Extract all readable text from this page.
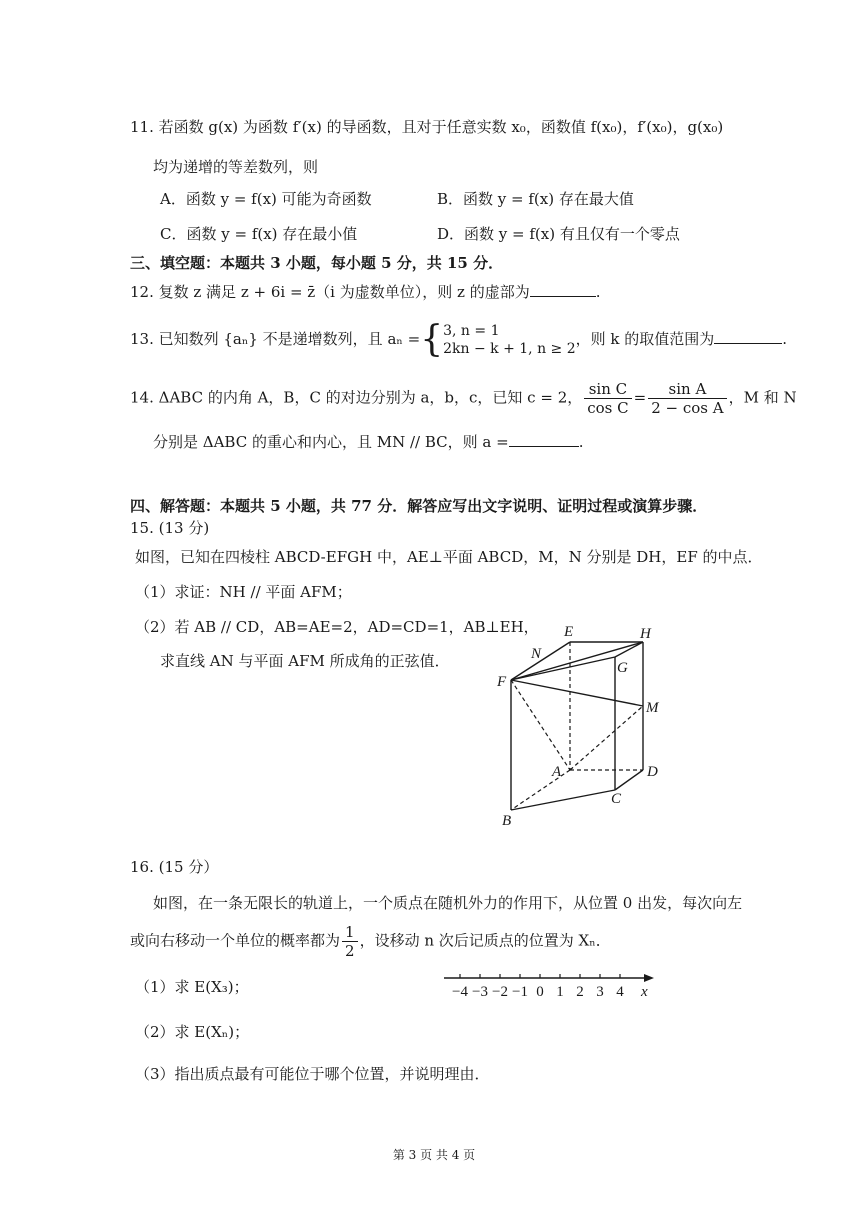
11. 若函数 g(x) 为函数 f′(x) 的导函数，且对于任意实数 x₀，函数值 f(x₀)，f′(x₀)，g(x₀)
均为递增的等差数列，则
A．函数 y = f(x) 可能为奇函数	B．函数 y = f(x) 存在最大值
C．函数 y = f(x) 存在最小值	D．函数 y = f(x) 有且仅有一个零点
三、填空题：本题共 3 小题，每小题 5 分，共 15 分．
12. 复数 z 满足 z + 6i = z̄（i 为虚数单位），则 z 的虚部为	.
13. 已知数列 {aₙ} 不是递增数列，且 aₙ ={ 3, n = 1
2kn − k + 1, n ≥ 2
，则 k 的取值范围为	.
14. ΔABC 的内角 A，B，C 的对边分别为 a，b，c，已知 c = 2， $\frac{\text{sin C}}{\text{cos C}} = \frac{\text{sin A}}{\text{2 − cos A}}$ ，M 和 N
分别是 ΔABC 的重心和内心，且 MN // BC，则 a =	.
四、解答题：本题共 5 小题，共 77 分．解答应写出文字说明、证明过程或演算步骤．
15. (13 分)
如图，已知在四棱柱 ABCD-EFGH 中，AE⊥平面 ABCD，M，N 分别是 DH，EF 的中点．
（1）求证：NH // 平面 AFM；
（2）若 AB // CD，AB=AE=2，AD=CD=1，AB⊥EH，
求直线 AN 与平面 AFM 所成角的正弦值．
E	H
N
G
F
M
A	D
C
B
16. (15 分）
如图，在一条无限长的轨道上，一个质点在随机外力的作用下，从位置 0 出发，每次向左
或向右移动一个单位的概率都为 $\frac{1}{2}$ ，设移动 n 次后记质点的位置为 Xₙ．
（1）求 E(X₃)；
（2）求 E(Xₙ)；
（3）指出质点最有可能位于哪个位置，并说明理由．
−4 −3 −2 −1 0 1 2 3 4 x
第 3 页 共 4 页
